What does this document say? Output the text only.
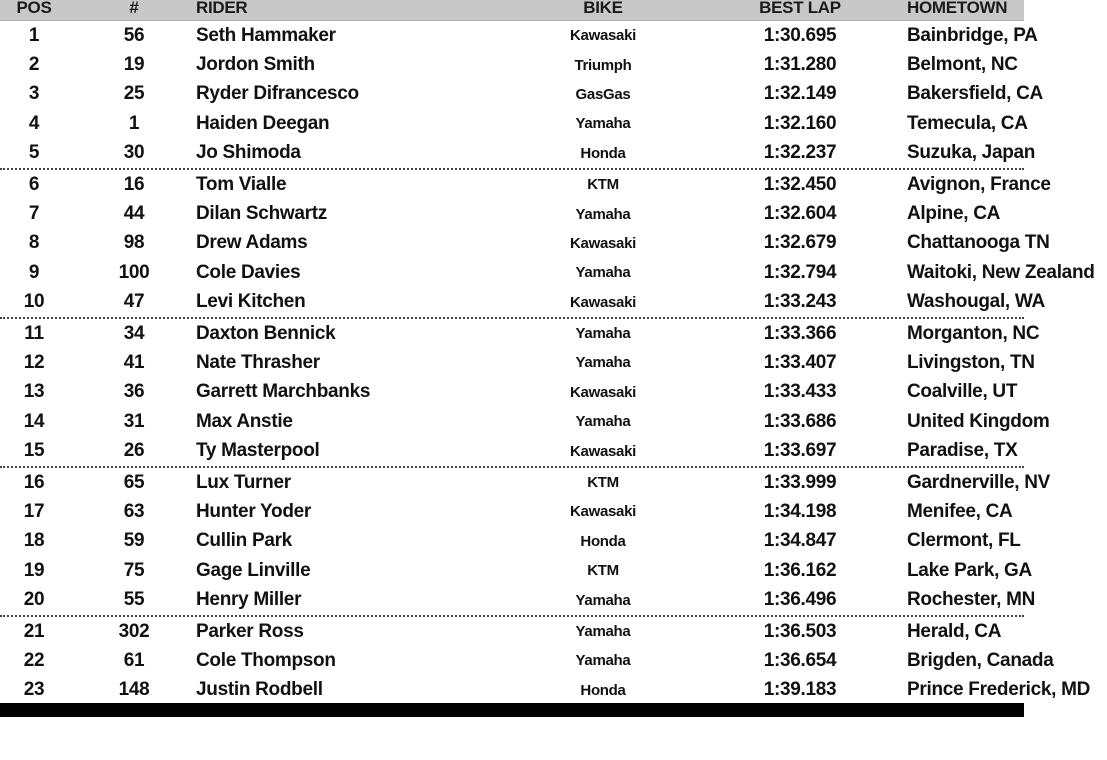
POS	#	RIDER	BIKE	BEST LAP	HOMETOWN
1	56	Seth Hammaker	Kawasaki	1:30.695	Bainbridge, PA
2	19	Jordon Smith	Triumph	1:31.280	Belmont, NC
3	25	Ryder Difrancesco	GasGas	1:32.149	Bakersfield, CA
4	1	Haiden Deegan	Yamaha	1:32.160	Temecula, CA
5	30	Jo Shimoda	Honda	1:32.237	Suzuka, Japan
6	16	Tom Vialle	KTM	1:32.450	Avignon, France
7	44	Dilan Schwartz	Yamaha	1:32.604	Alpine, CA
8	98	Drew Adams	Kawasaki	1:32.679	Chattanooga TN
9	100	Cole Davies	Yamaha	1:32.794	Waitoki, New Zealand
10	47	Levi Kitchen	Kawasaki	1:33.243	Washougal, WA
11	34	Daxton Bennick	Yamaha	1:33.366	Morganton, NC
12	41	Nate Thrasher	Yamaha	1:33.407	Livingston, TN
13	36	Garrett Marchbanks	Kawasaki	1:33.433	Coalville, UT
14	31	Max Anstie	Yamaha	1:33.686	United Kingdom
15	26	Ty Masterpool	Kawasaki	1:33.697	Paradise, TX
16	65	Lux Turner	KTM	1:33.999	Gardnerville, NV
17	63	Hunter Yoder	Kawasaki	1:34.198	Menifee, CA
18	59	Cullin Park	Honda	1:34.847	Clermont, FL
19	75	Gage Linville	KTM	1:36.162	Lake Park, GA
20	55	Henry Miller	Yamaha	1:36.496	Rochester, MN
21	302	Parker Ross	Yamaha	1:36.503	Herald, CA
22	61	Cole Thompson	Yamaha	1:36.654	Brigden, Canada
23	148	Justin Rodbell	Honda	1:39.183	Prince Frederick, MD
